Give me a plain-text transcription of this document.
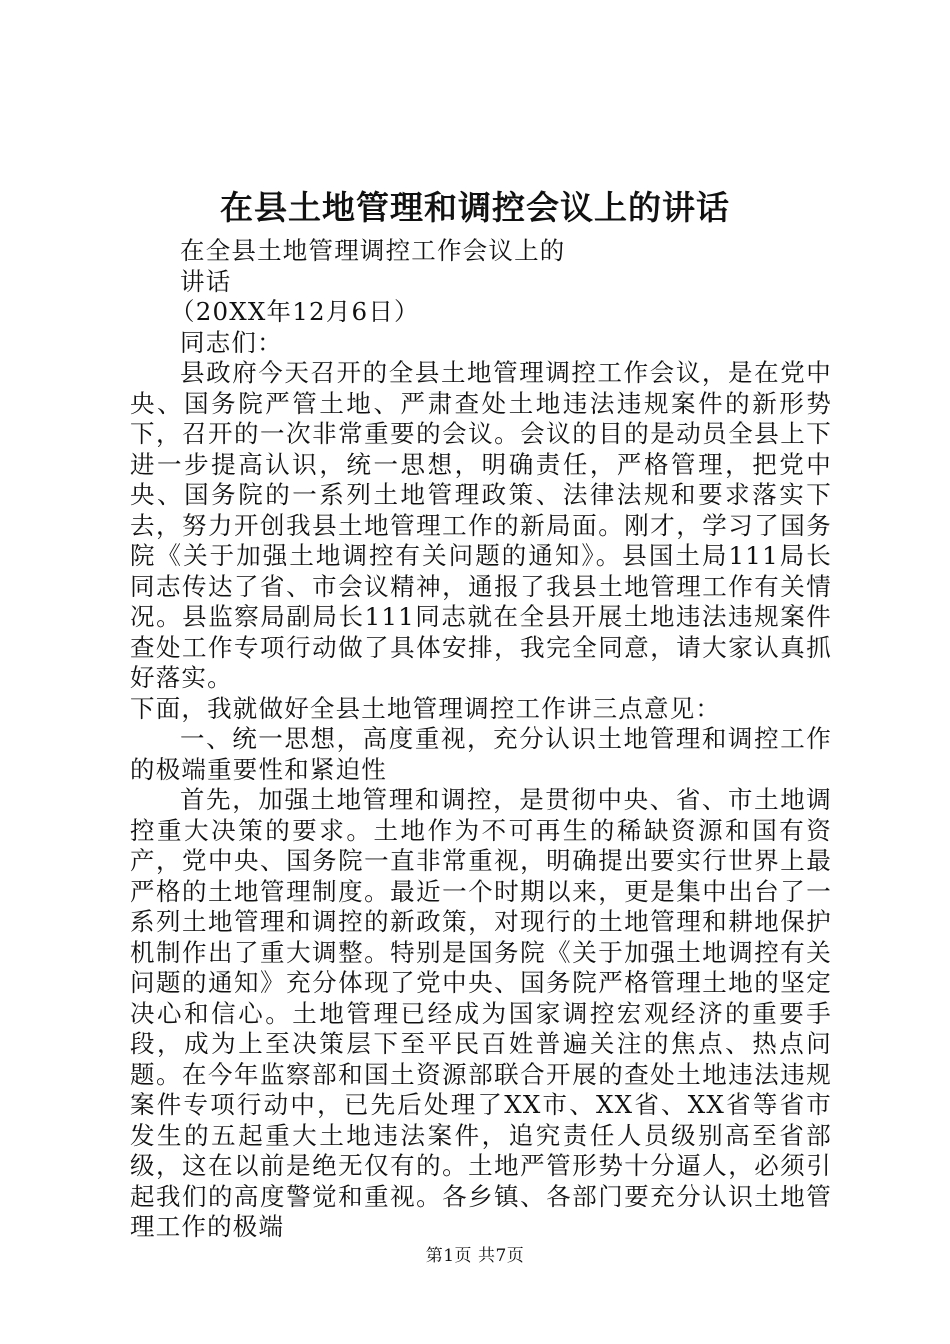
在县土地管理和调控会议上的讲话

在全县土地管理调控工作会议上的

讲话

（20XX年12月6日）

同志们：

县政府今天召开的全县土地管理调控工作会议，是在党中央、国务院严管土地、严肃查处土地违法违规案件的新形势下，召开的一次非常重要的会议。会议的目的是动员全县上下进一步提高认识，统一思想，明确责任，严格管理，把党中央、国务院的一系列土地管理政策、法律法规和要求落实下去，努力开创我县土地管理工作的新局面。刚才，学习了国务院《关于加强土地调控有关问题的通知》。县国土局111局长同志传达了省、市会议精神，通报了我县土地管理工作有关情况。县监察局副局长111同志就在全县开展土地违法违规案件查处工作专项行动做了具体安排，我完全同意，请大家认真抓好落实。

下面，我就做好全县土地管理调控工作讲三点意见：

一、统一思想，高度重视，充分认识土地管理和调控工作的极端重要性和紧迫性

首先，加强土地管理和调控，是贯彻中央、省、市土地调控重大决策的要求。土地作为不可再生的稀缺资源和国有资产，党中央、国务院一直非常重视，明确提出要实行世界上最严格的土地管理制度。最近一个时期以来，更是集中出台了一系列土地管理和调控的新政策，对现行的土地管理和耕地保护机制作出了重大调整。特别是国务院《关于加强土地调控有关问题的通知》充分体现了党中央、国务院严格管理土地的坚定决心和信心。土地管理已经成为国家调控宏观经济的重要手段，成为上至决策层下至平民百姓普遍关注的焦点、热点问题。在今年监察部和国土资源部联合开展的查处土地违法违规案件专项行动中，已先后处理了XX市、XX省、XX省等省市发生的五起重大土地违法案件，追究责任人员级别高至省部级，这在以前是绝无仅有的。土地严管形势十分逼人，必须引起我们的高度警觉和重视。各乡镇、各部门要充分认识土地管理工作的极端

第1页 共7页
